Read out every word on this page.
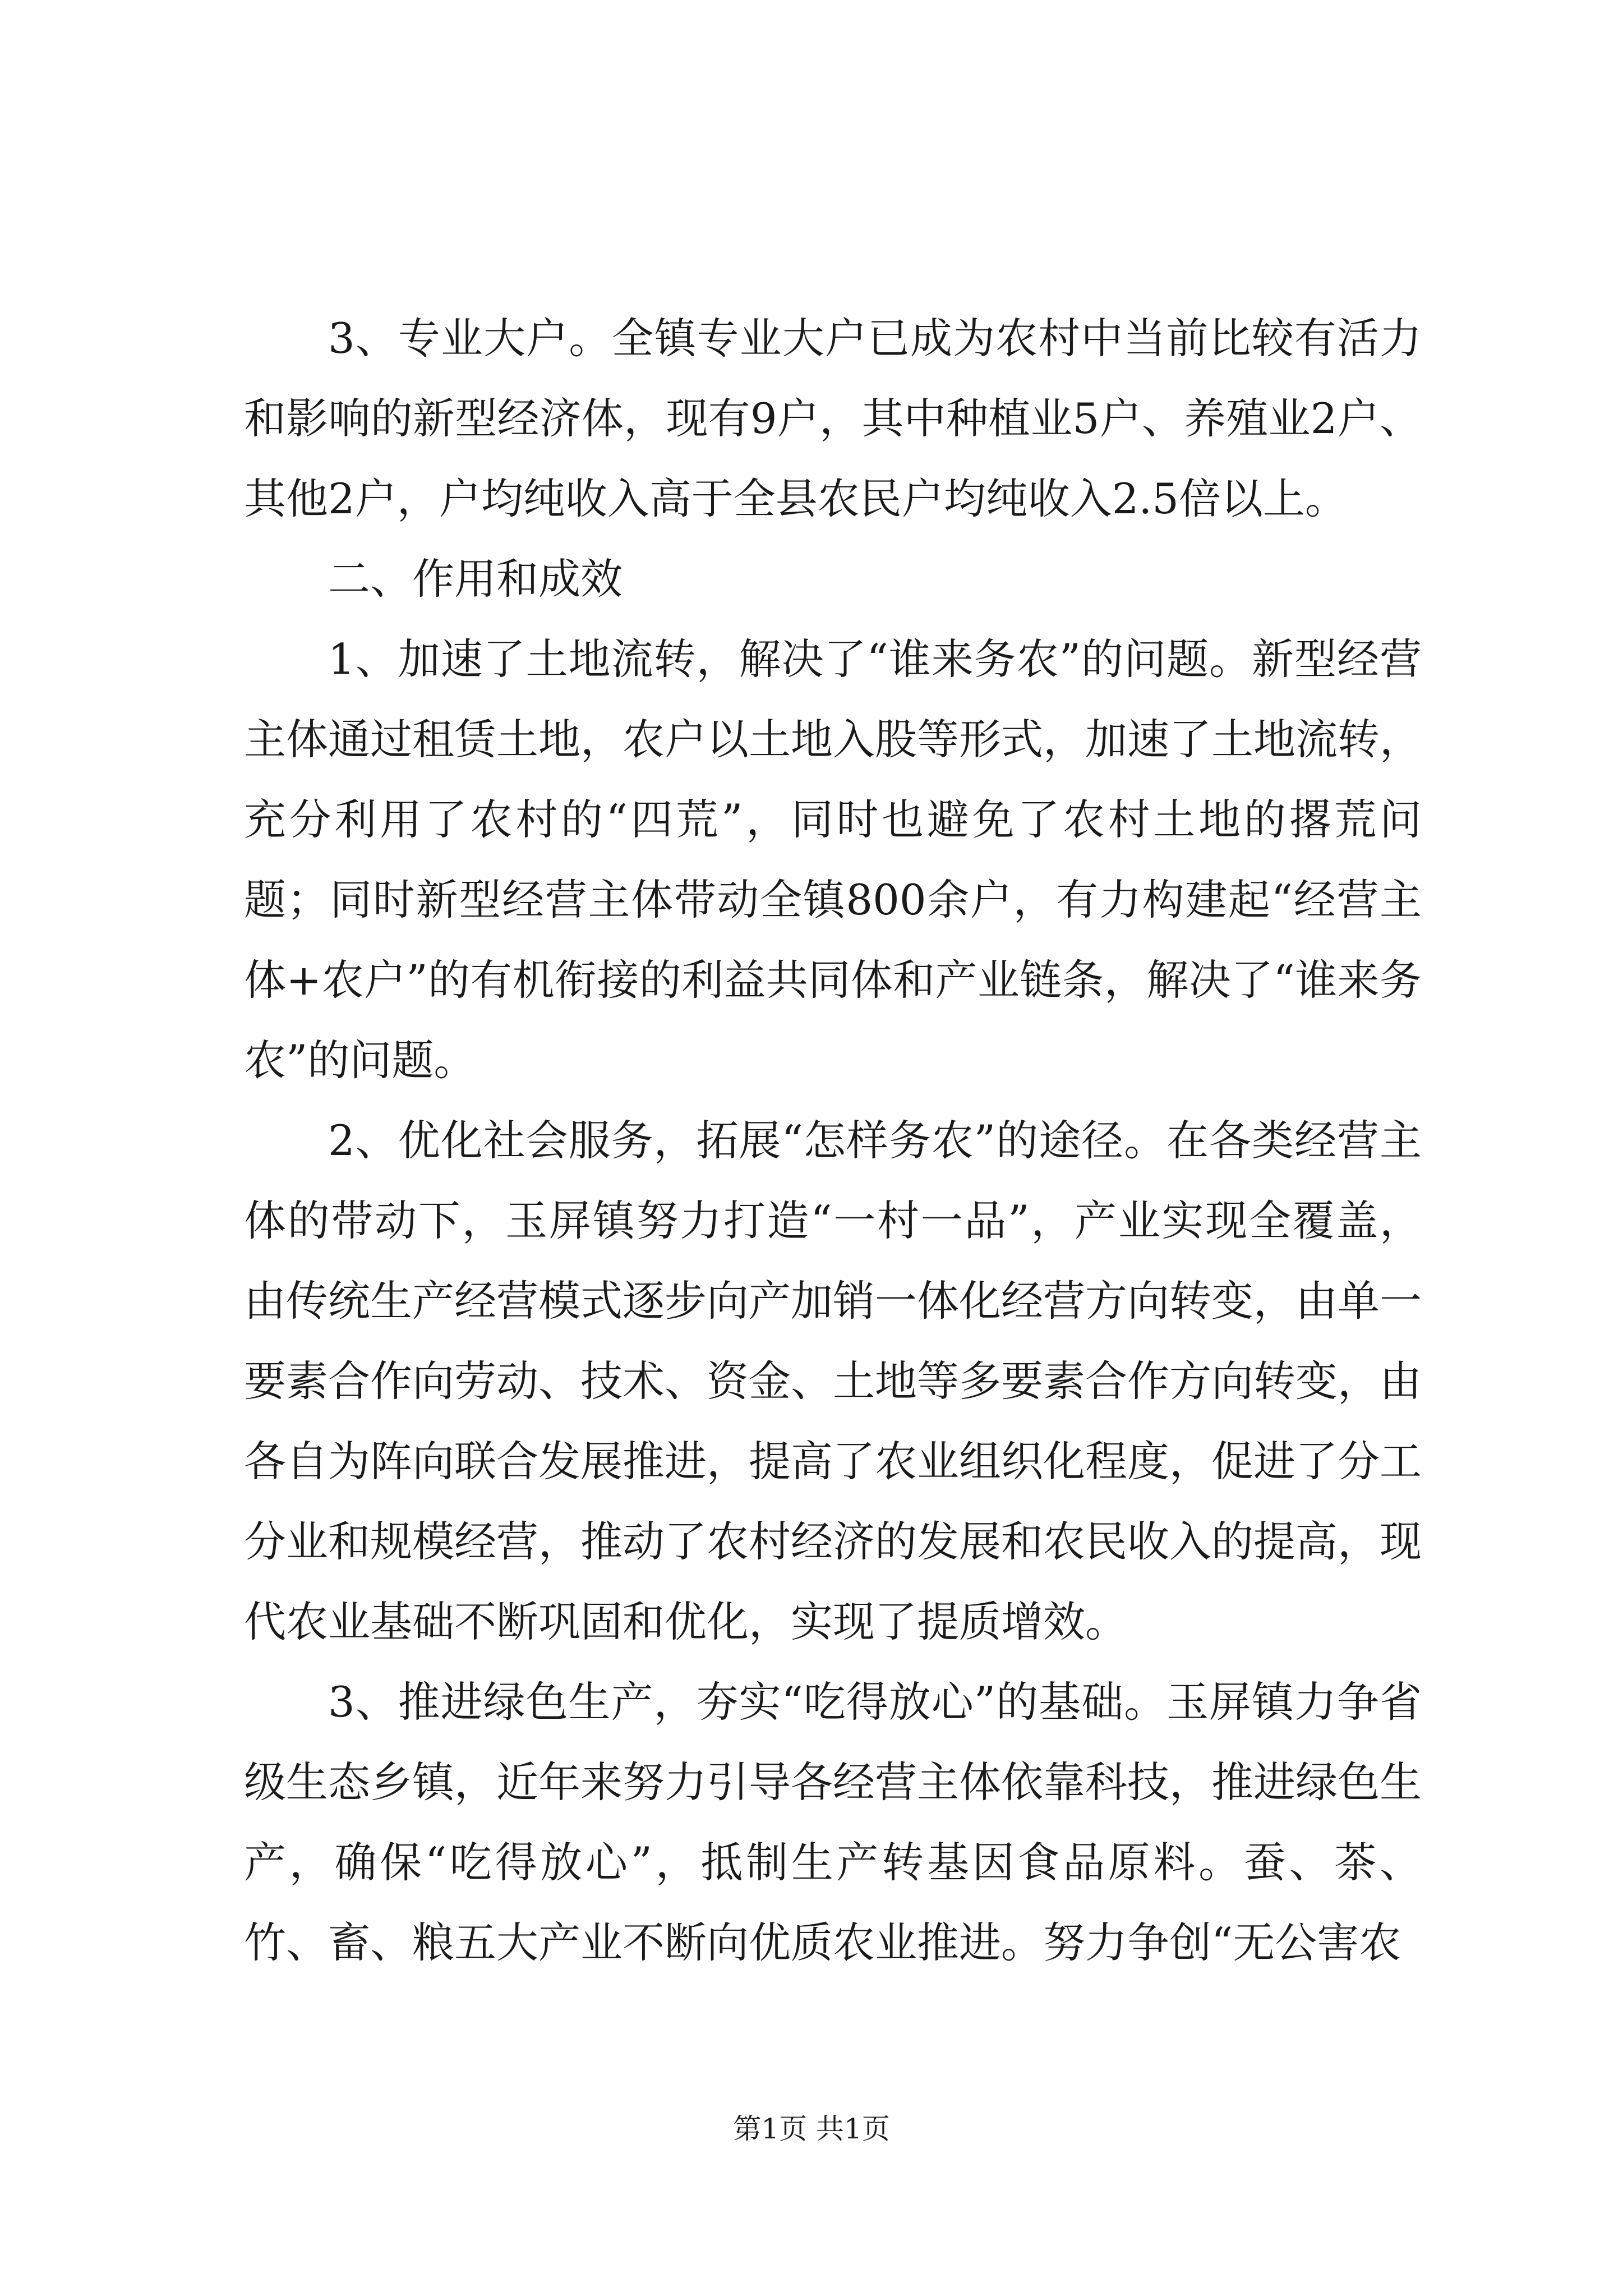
3、专业大户。全镇专业大户已成为农村中当前比较有活力和影响的新型经济体，现有9户，其中种植业5户、养殖业2户、其他2户，户均纯收入高于全县农民户均纯收入2.5倍以上。

二、作用和成效

1、加速了土地流转，解决了“谁来务农”的问题。新型经营主体通过租赁土地，农户以土地入股等形式，加速了土地流转，充分利用了农村的“四荒”，同时也避免了农村土地的撂荒问题；同时新型经营主体带动全镇800余户，有力构建起“经营主体+农户”的有机衔接的利益共同体和产业链条，解决了“谁来务农”的问题。

2、优化社会服务，拓展“怎样务农”的途径。在各类经营主体的带动下，玉屏镇努力打造“一村一品”，产业实现全覆盖，由传统生产经营模式逐步向产加销一体化经营方向转变，由单一要素合作向劳动、技术、资金、土地等多要素合作方向转变，由各自为阵向联合发展推进，提高了农业组织化程度，促进了分工分业和规模经营，推动了农村经济的发展和农民收入的提高，现代农业基础不断巩固和优化，实现了提质增效。

3、推进绿色生产，夯实“吃得放心”的基础。玉屏镇力争省级生态乡镇，近年来努力引导各经营主体依靠科技，推进绿色生产，确保“吃得放心”，抵制生产转基因食品原料。蚕、茶、竹、畜、粮五大产业不断向优质农业推进。努力争创“无公害农

第1页 共1页
